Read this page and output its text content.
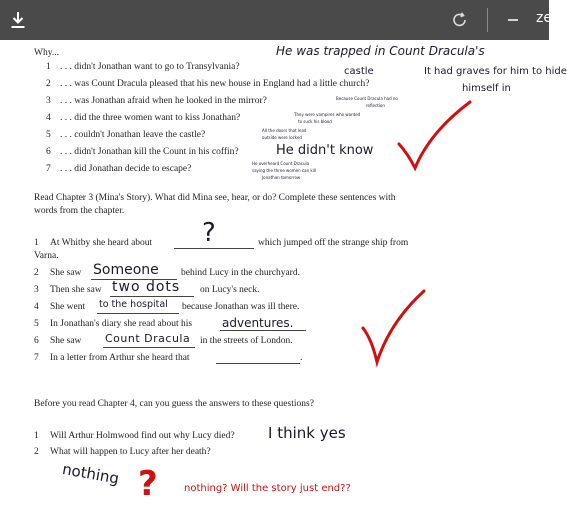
ze
Why...
1 . . . didn't Jonathan want to go to Transylvania?
2 . . . was Count Dracula pleased that his new house in England had a little church?
3 . . . was Jonathan afraid when he looked in the mirror?
4 . . . did the three women want to kiss Jonathan?
5 . . . couldn't Jonathan leave the castle?
6 . . . didn't Jonathan kill the Count in his coffin?
7 . . . did Jonathan decide to escape?
He was trapped in Count Dracula's
castle	It had graves for him to hide
himself in
Because Count Dracula had no
reflection
They were vampires who wanted
to suck his blood
All the doors that lead
outside were locked
He didn't know
He overheard Count Dracula
saying the three women can kill
Jonathan tomorrow
Read Chapter 3 (Mina's Story). What did Mina see, hear, or do? Complete these sentences with
words from the chapter.
1 At Whitby she heard about ?	which jumped off the strange ship from
Varna.
2 She saw Someone behind Lucy in the churchyard.
3 Then she saw two dots on Lucy's neck.
4 She went to the hospital because Jonathan was ill there.
5 In Jonathan's diary she read about his adventures.
6 She saw Count Dracula in the streets of London.
7 In a letter from Arthur she heard that	.
Before you read Chapter 4, can you guess the answers to these questions?
1 Will Arthur Holmwood find out why Lucy died? I think yes
2 What will happen to Lucy after her death?
nothing ?	nothing? Will the story just end??
